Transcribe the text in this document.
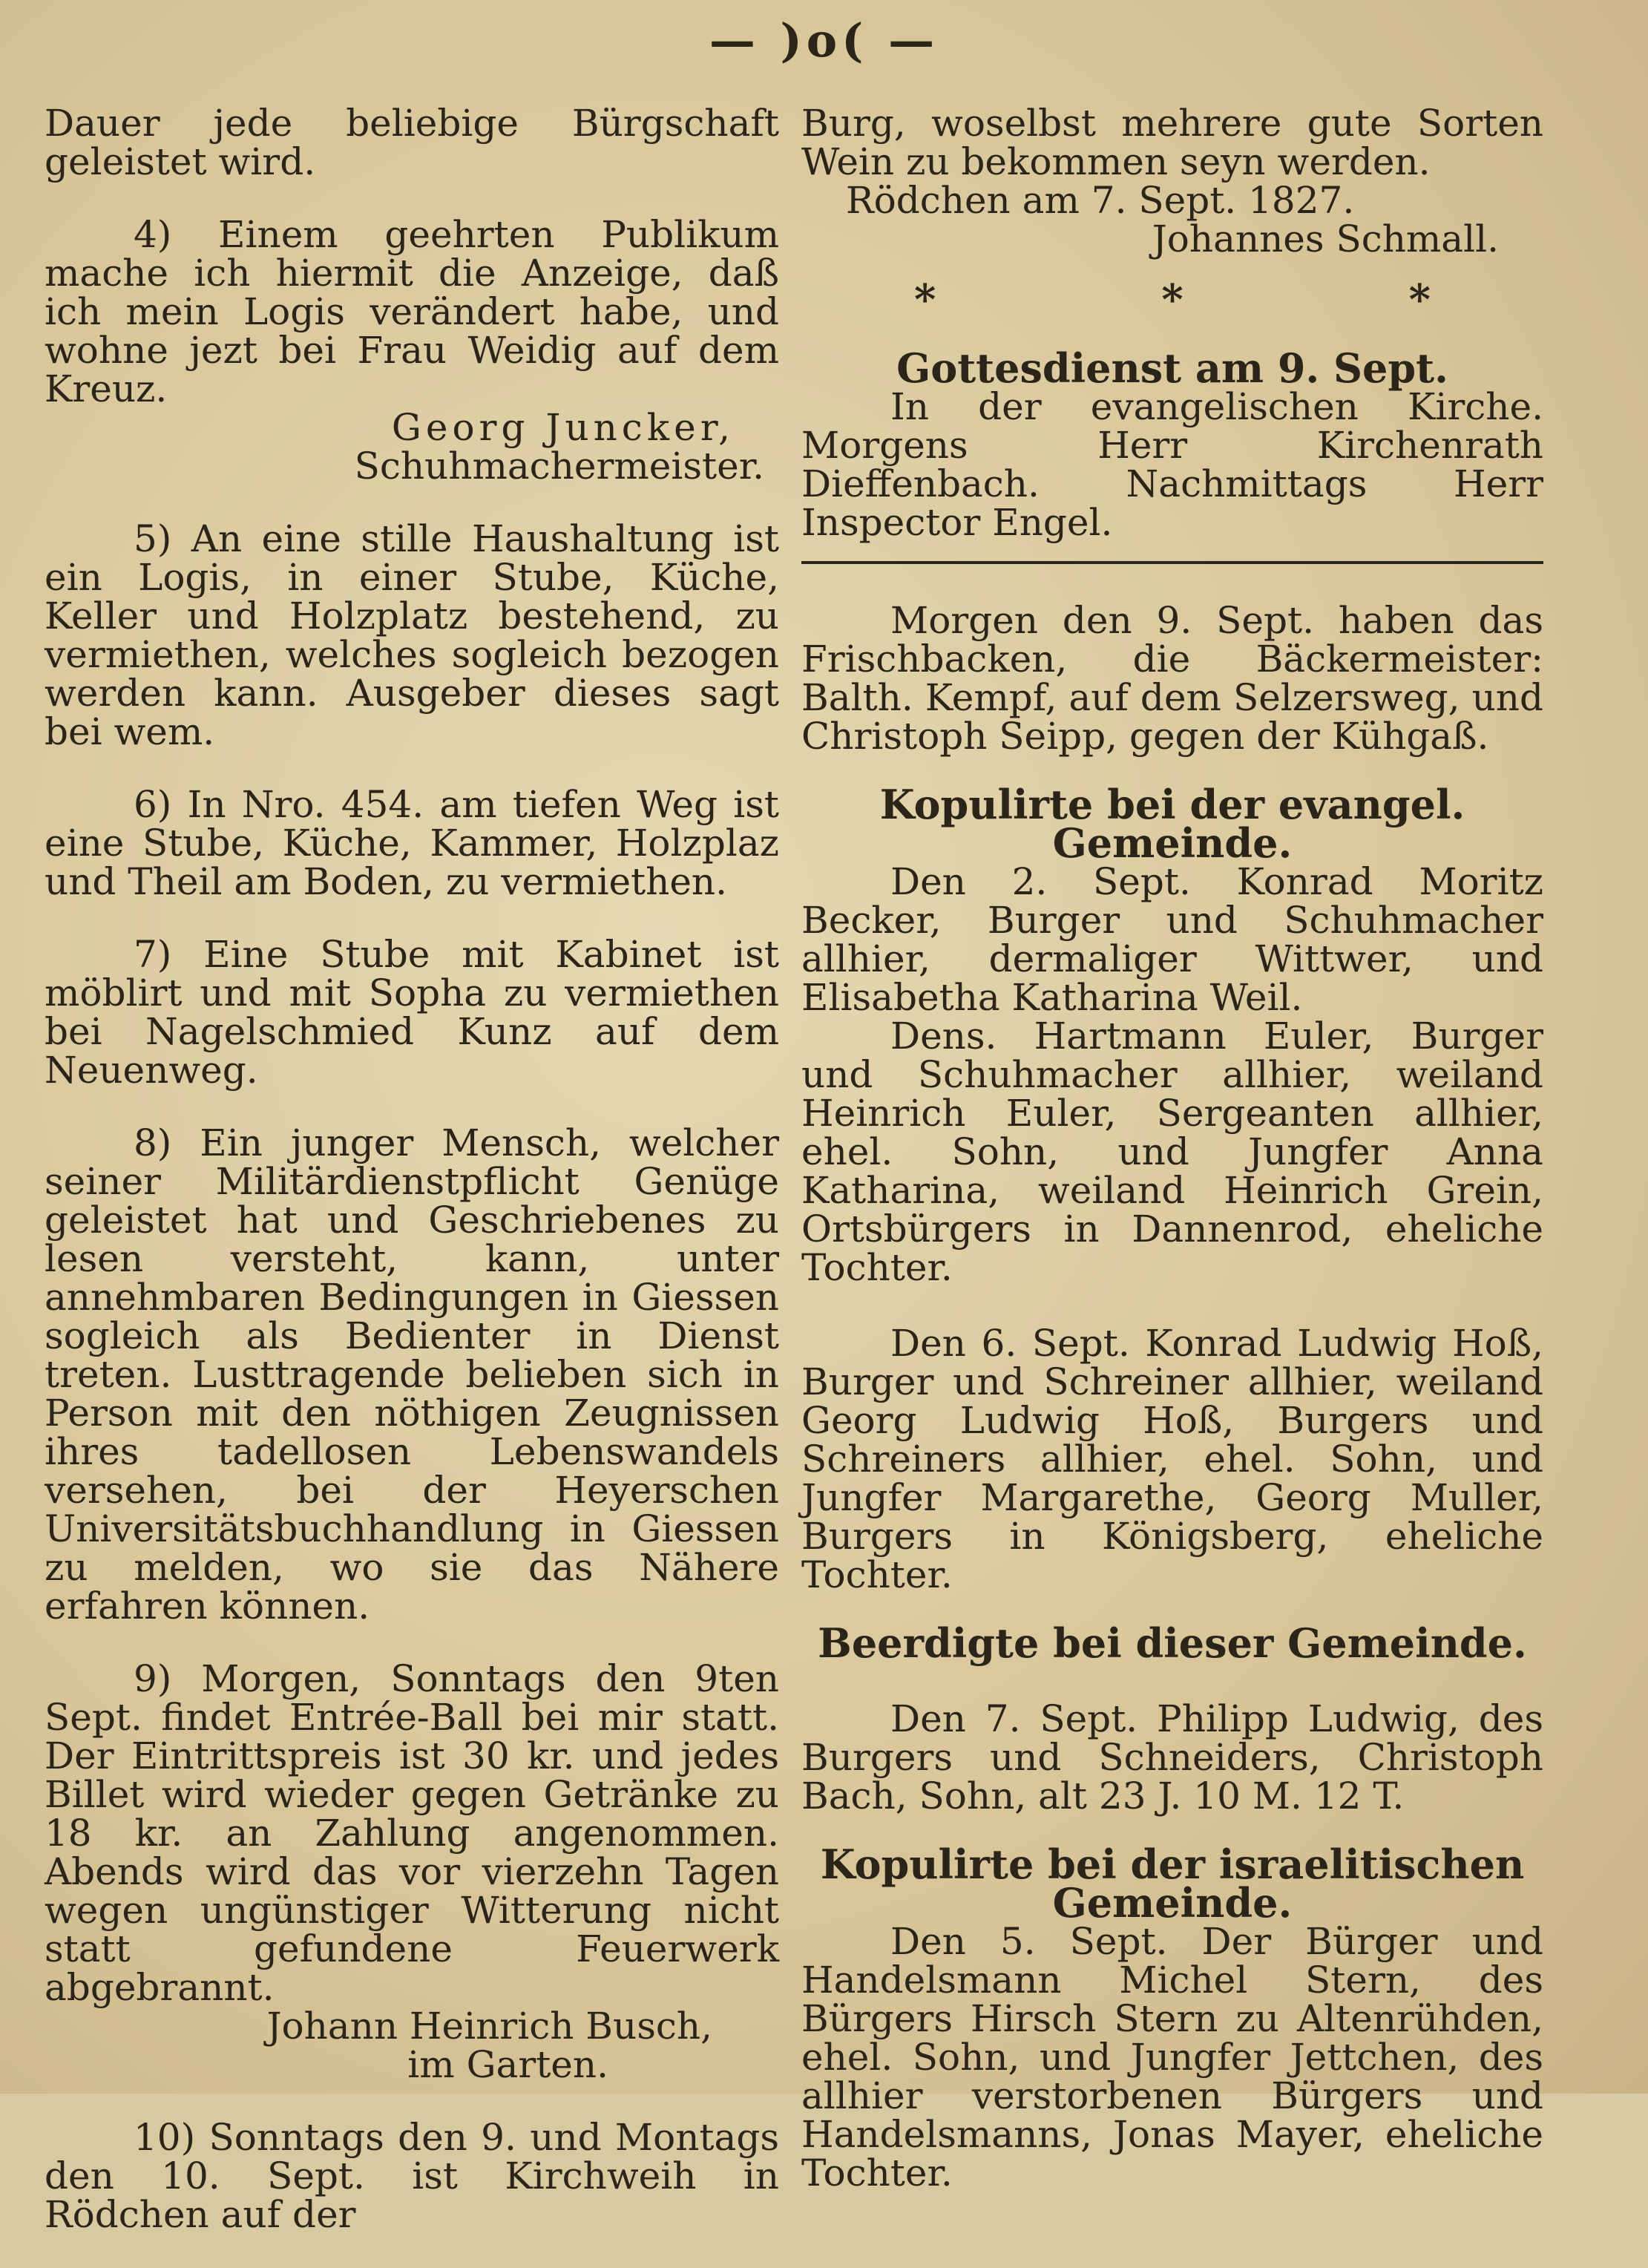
— )o( —

Dauer jede beliebige Bürgschaft geleistet wird.

4) Einem geehrten Publikum mache ich hiermit die Anzeige, daß ich mein Logis verändert habe, und wohne jezt bei Frau Weidig auf dem Kreuz.

Georg Juncker,

Schuhmachermeister.

5) An eine stille Haushaltung ist ein Logis, in einer Stube, Küche, Keller und Holzplatz bestehend, zu vermiethen, welches sogleich bezogen werden kann. Ausgeber dieses sagt bei wem.

6) In Nro. 454. am tiefen Weg ist eine Stube, Küche, Kammer, Holzplaz und Theil am Boden, zu vermiethen.

7) Eine Stube mit Kabinet ist möblirt und mit Sopha zu vermiethen bei Nagelschmied Kunz auf dem Neuenweg.

8) Ein junger Mensch, welcher seiner Militärdienstpflicht Genüge geleistet hat und Geschriebenes zu lesen versteht, kann, unter annehmbaren Bedingungen in Giessen sogleich als Bedienter in Dienst treten. Lusttragende belieben sich in Person mit den nöthigen Zeugnissen ihres tadellosen Lebenswandels versehen, bei der Heyerschen Universitätsbuchhandlung in Giessen zu melden, wo sie das Nähere erfahren können.

9) Morgen, Sonntags den 9ten Sept. findet Entrée-Ball bei mir statt. Der Eintrittspreis ist 30 kr. und jedes Billet wird wieder gegen Getränke zu 18 kr. an Zahlung angenommen. Abends wird das vor vierzehn Tagen wegen ungünstiger Witterung nicht statt gefundene Feuerwerk abgebrannt.

Johann Heinrich Busch,

im Garten.

10) Sonntags den 9. und Montags den 10. Sept. ist Kirchweih in Rödchen auf der

Burg, woselbst mehrere gute Sorten Wein zu bekommen seyn werden.

Rödchen am 7. Sept. 1827.

Johannes Schmall.

*	*	*

Gottesdienst am 9. Sept.

In der evangelischen Kirche. Morgens Herr Kirchenrath Dieffenbach. Nachmittags Herr Inspector Engel.

Morgen den 9. Sept. haben das Frischbacken, die Bäckermeister: Balth. Kempf, auf dem Selzersweg, und Christoph Seipp, gegen der Kühgaß.

Kopulirte bei der evangel. Gemeinde.

Den 2. Sept. Konrad Moritz Becker, Burger und Schuhmacher allhier, dermaliger Wittwer, und Elisabetha Katharina Weil.

Dens. Hartmann Euler, Burger und Schuhmacher allhier, weiland Heinrich Euler, Sergeanten allhier, ehel. Sohn, und Jungfer Anna Katharina, weiland Heinrich Grein, Ortsbürgers in Dannenrod, eheliche Tochter.

Den 6. Sept. Konrad Ludwig Hoß, Burger und Schreiner allhier, weiland Georg Ludwig Hoß, Burgers und Schreiners allhier, ehel. Sohn, und Jungfer Margarethe, Georg Muller, Burgers in Königsberg, eheliche Tochter.

Beerdigte bei dieser Gemeinde.

Den 7. Sept. Philipp Ludwig, des Burgers und Schneiders, Christoph Bach, Sohn, alt 23 J. 10 M. 12 T.

Kopulirte bei der israelitischen

Gemeinde.

Den 5. Sept. Der Bürger und Handelsmann Michel Stern, des Bürgers Hirsch Stern zu Altenrühden, ehel. Sohn, und Jungfer Jettchen, des allhier verstorbenen Bürgers und Handelsmanns, Jonas Mayer, eheliche Tochter.
